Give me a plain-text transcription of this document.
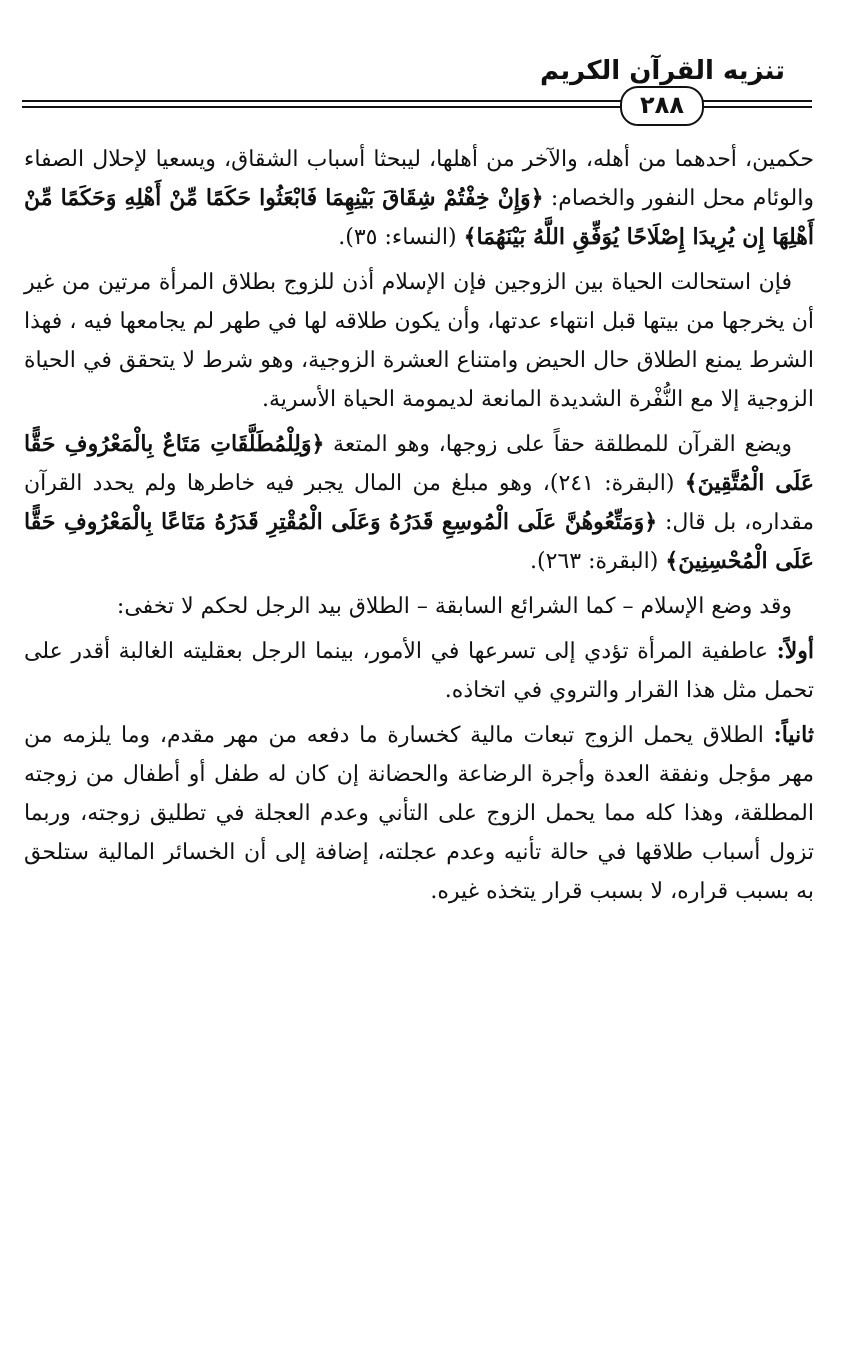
تنزيه القرآن الكريم
٢٨٨

حكمين، أحدهما من أهله، والآخر من أهلها، ليبحثا أسباب الشقاق، ويسعيا لإحلال الصفاء والوئام محل النفور والخصام: ﴿وَإِنْ خِفْتُمْ شِقَاقَ بَيْنِهِمَا فَابْعَثُوا حَكَمًا مِّنْ أَهْلِهِ وَحَكَمًا مِّنْ أَهْلِهَا إِن يُرِيدَا إِصْلَاحًا يُوَفِّقِ اللَّهُ بَيْنَهُمَا﴾ (النساء: ٣٥).

فإن استحالت الحياة بين الزوجين فإن الإسلام أذن للزوج بطلاق المرأة مرتين من غير أن يخرجها من بيتها قبل انتهاء عدتها، وأن يكون طلاقه لها في طهر لم يجامعها فيه ، فهذا الشرط يمنع الطلاق حال الحيض وامتناع العشرة الزوجية، وهو شرط لا يتحقق في الحياة الزوجية إلا مع النُّفْرة الشديدة المانعة لديمومة الحياة الأسرية.

ويضع القرآن للمطلقة حقاً على زوجها، وهو المتعة ﴿وَلِلْمُطَلَّقَاتِ مَتَاعٌ بِالْمَعْرُوفِ حَقًّا عَلَى الْمُتَّقِينَ﴾ (البقرة: ٢٤١)، وهو مبلغ من المال يجبر فيه خاطرها ولم يحدد القرآن مقداره، بل قال: ﴿وَمَتِّعُوهُنَّ عَلَى الْمُوسِعِ قَدَرُهُ وَعَلَى الْمُقْتِرِ قَدَرُهُ مَتَاعًا بِالْمَعْرُوفِ حَقًّا عَلَى الْمُحْسِنِينَ﴾ (البقرة: ٢٦٣).

وقد وضع الإسلام – كما الشرائع السابقة – الطلاق بيد الرجل لحكم لا تخفى:

أولاً: عاطفية المرأة تؤدي إلى تسرعها في الأمور، بينما الرجل بعقليته الغالبة أقدر على تحمل مثل هذا القرار والتروي في اتخاذه.

ثانياً: الطلاق يحمل الزوج تبعات مالية كخسارة ما دفعه من مهر مقدم، وما يلزمه من مهر مؤجل ونفقة العدة وأجرة الرضاعة والحضانة إن كان له طفل أو أطفال من زوجته المطلقة، وهذا كله مما يحمل الزوج على التأني وعدم العجلة في تطليق زوجته، وربما تزول أسباب طلاقها في حالة تأنيه وعدم عجلته، إضافة إلى أن الخسائر المالية ستلحق به بسبب قراره، لا بسبب قرار يتخذه غيره.
